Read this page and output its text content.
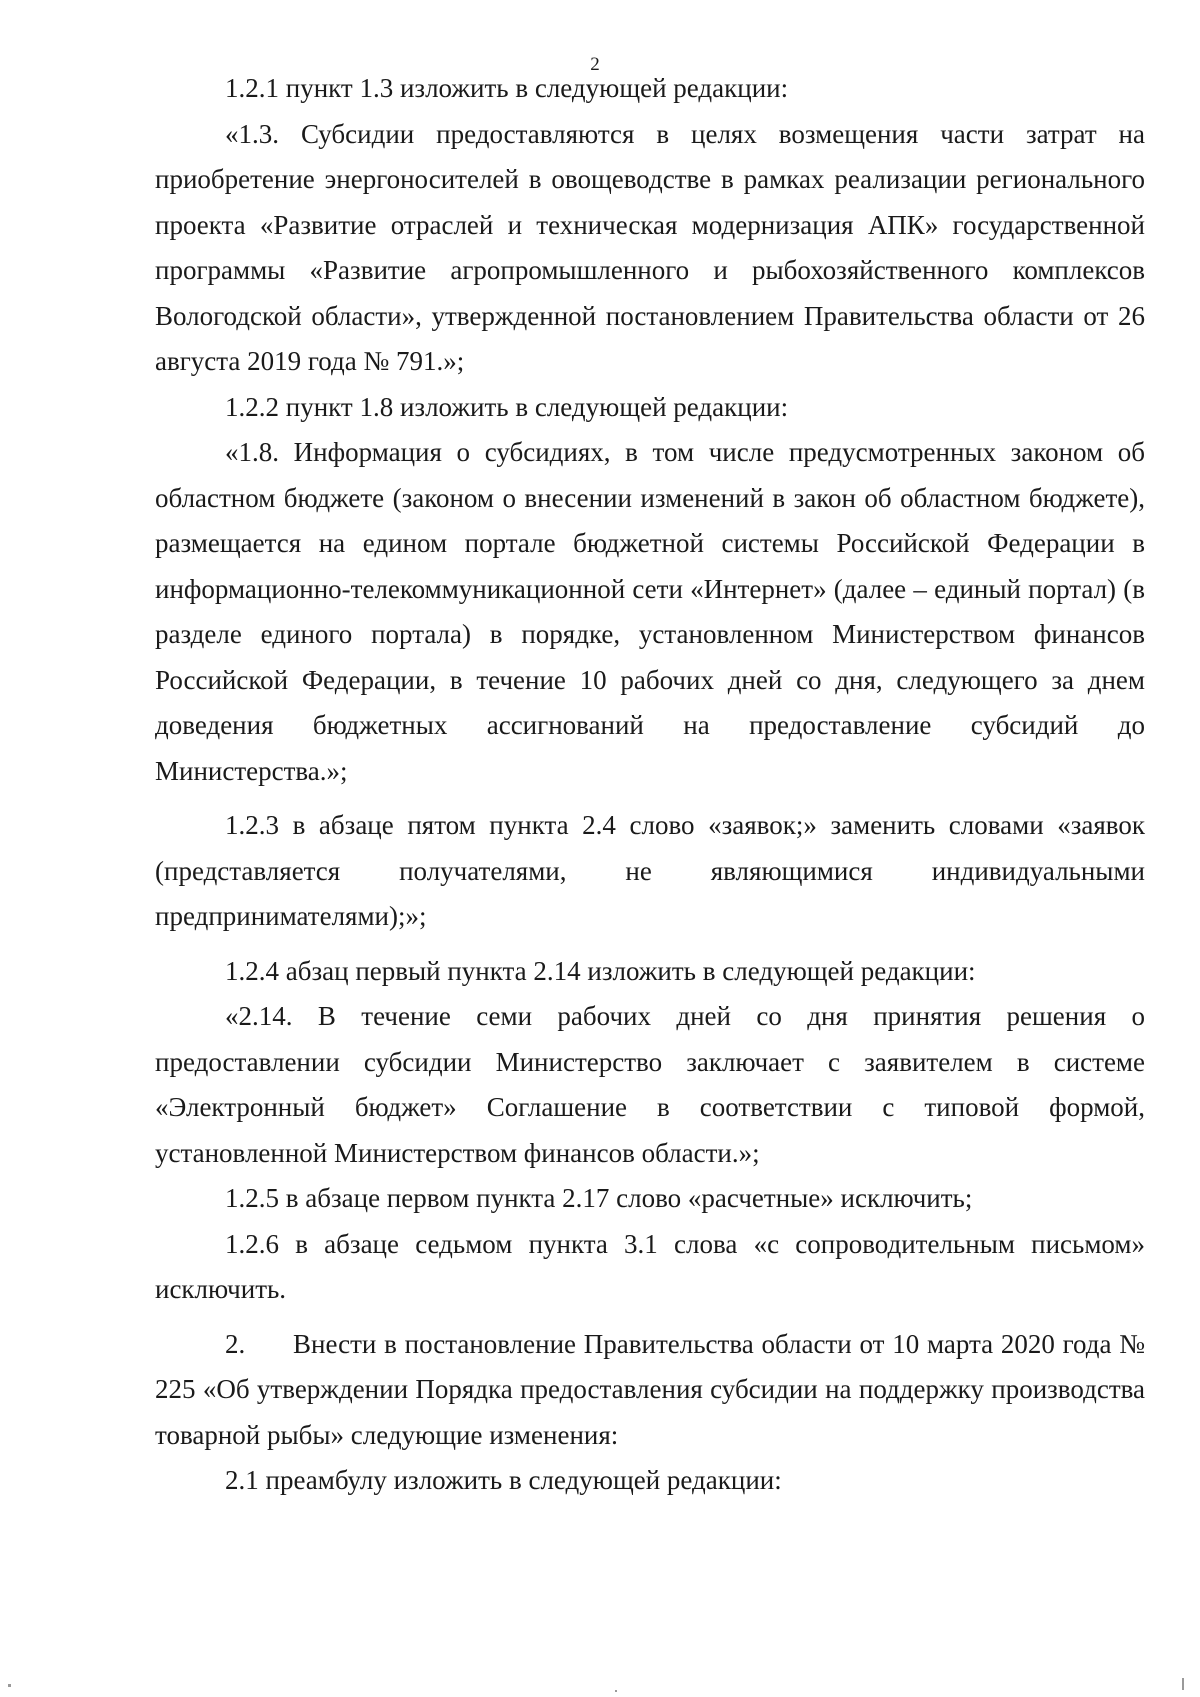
2

1.2.1 пункт 1.3 изложить в следующей редакции:

«1.3. Субсидии предоставляются в целях возмещения части затрат на приобретение энергоносителей в овощеводстве в рамках реализации регионального проекта «Развитие отраслей и техническая модернизация АПК» государственной программы «Развитие агропромышленного и рыбохозяйственного комплексов Вологодской области», утвержденной постановлением Правительства области от 26 августа 2019 года № 791.»;

1.2.2 пункт 1.8 изложить в следующей редакции:

«1.8. Информация о субсидиях, в том числе предусмотренных законом об областном бюджете (законом о внесении изменений в закон об областном бюджете), размещается на едином портале бюджетной системы Российской Федерации в информационно-телекоммуникационной сети «Интернет» (далее – единый портал) (в разделе единого портала) в порядке, установленном Министерством финансов Российской Федерации, в течение 10 рабочих дней со дня, следующего за днем доведения бюджетных ассигнований на предоставление субсидий до Министерства.»;

1.2.3 в абзаце пятом пункта 2.4 слово «заявок;» заменить словами «заявок (представляется получателями, не являющимися индивидуальными предпринимателями);»;

1.2.4 абзац первый пункта 2.14 изложить в следующей редакции:

«2.14. В течение семи рабочих дней со дня принятия решения о предоставлении субсидии Министерство заключает с заявителем в системе «Электронный бюджет» Соглашение в соответствии с типовой формой, установленной Министерством финансов области.»;

1.2.5 в абзаце первом пункта 2.17 слово «расчетные» исключить;

1.2.6 в абзаце седьмом пункта 3.1 слова «с сопроводительным письмом» исключить.

2. Внести в постановление Правительства области от 10 марта 2020 года № 225 «Об утверждении Порядка предоставления субсидии на поддержку производства товарной рыбы» следующие изменения:

2.1 преамбулу изложить в следующей редакции:
